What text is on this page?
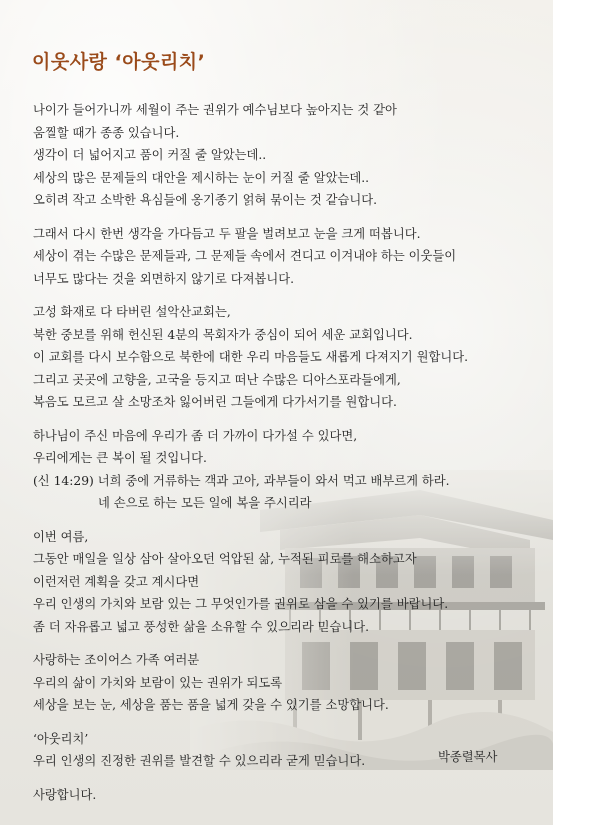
이웃사랑 ‘아웃리치’
나이가 들어가니까 세월이 주는 권위가 예수님보다 높아지는 것 같아
움찔할 때가 종종 있습니다.
생각이 더 넓어지고 품이 커질 줄 알았는데..
세상의 많은 문제들의 대안을 제시하는 눈이 커질 줄 알았는데..
오히려 작고 소박한 욕심들에 옹기종기 얽혀 묶이는 것 같습니다.
그래서 다시 한번 생각을 가다듬고 두 팔을 벌려보고 눈을 크게 떠봅니다.
세상이 겪는 수많은 문제들과, 그 문제들 속에서 견디고 이겨내야 하는 이웃들이
너무도 많다는 것을 외면하지 않기로 다져봅니다.
고성 화재로 다 타버린 설악산교회는,
북한 중보를 위해 헌신된 4분의 목회자가 중심이 되어 세운 교회입니다.
이 교회를 다시 보수함으로 북한에 대한 우리 마음들도 새롭게 다져지기 원합니다.
그리고 곳곳에 고향을, 고국을 등지고 떠난 수많은 디아스포라들에게,
복음도 모르고 살 소망조차 잃어버린 그들에게 다가서기를 원합니다.
하나님이 주신 마음에 우리가 좀 더 가까이 다가설 수 있다면,
우리에게는 큰 복이 될 것입니다.
(신 14:29) 너희 중에 거류하는 객과 고아, 과부들이 와서 먹고 배부르게 하라.
네 손으로 하는 모든 일에 복을 주시리라
이번 여름,
그동안 매일을 일상 삼아 살아오던 억압된 삶, 누적된 피로를 해소하고자
이런저런 계획을 갖고 계시다면
우리 인생의 가치와 보람 있는 그 무엇인가를 권위로 삼을 수 있기를 바랍니다.
좀 더 자유롭고 넓고 풍성한 삶을 소유할 수 있으리라 믿습니다.
사랑하는 조이어스 가족 여러분
우리의 삶이 가치와 보람이 있는 권위가 되도록
세상을 보는 눈, 세상을 품는 품을 넓게 갖을 수 있기를 소망합니다.
‘아웃리치’
우리 인생의 진정한 권위를 발견할 수 있으리라 굳게 믿습니다.
사랑합니다.
박종렬목사
